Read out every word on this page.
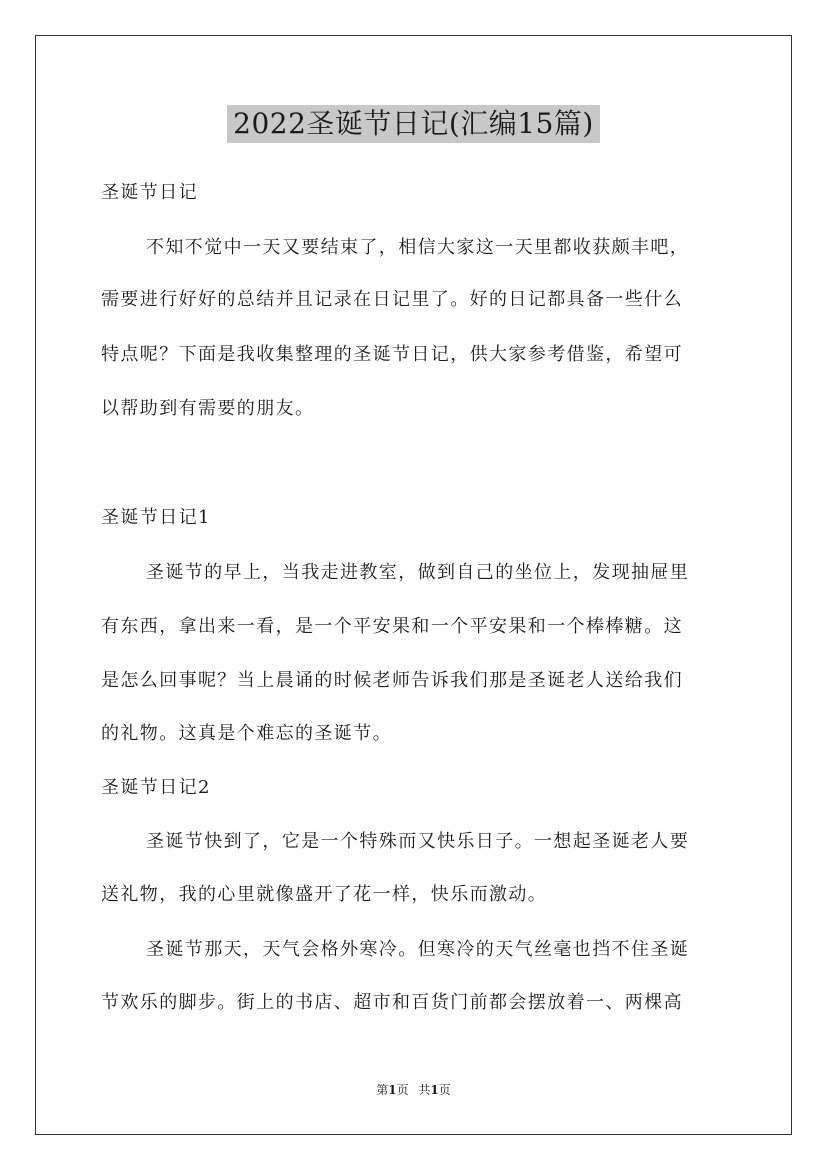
2022圣诞节日记(汇编15篇)
圣诞节日记
不知不觉中一天又要结束了，相信大家这一天里都收获颇丰吧，
需要进行好好的总结并且记录在日记里了。好的日记都具备一些什么
特点呢？下面是我收集整理的圣诞节日记，供大家参考借鉴，希望可
以帮助到有需要的朋友。
圣诞节日记1
圣诞节的早上，当我走进教室，做到自己的坐位上，发现抽屉里
有东西，拿出来一看，是一个平安果和一个平安果和一个棒棒糖。这
是怎么回事呢？当上晨诵的时候老师告诉我们那是圣诞老人送给我们
的礼物。这真是个难忘的圣诞节。
圣诞节日记2
圣诞节快到了，它是一个特殊而又快乐日子。一想起圣诞老人要
送礼物，我的心里就像盛开了花一样，快乐而激动。
圣诞节那天，天气会格外寒冷。但寒冷的天气丝毫也挡不住圣诞
节欢乐的脚步。街上的书店、超市和百货门前都会摆放着一、两棵高
第1页 共1页
